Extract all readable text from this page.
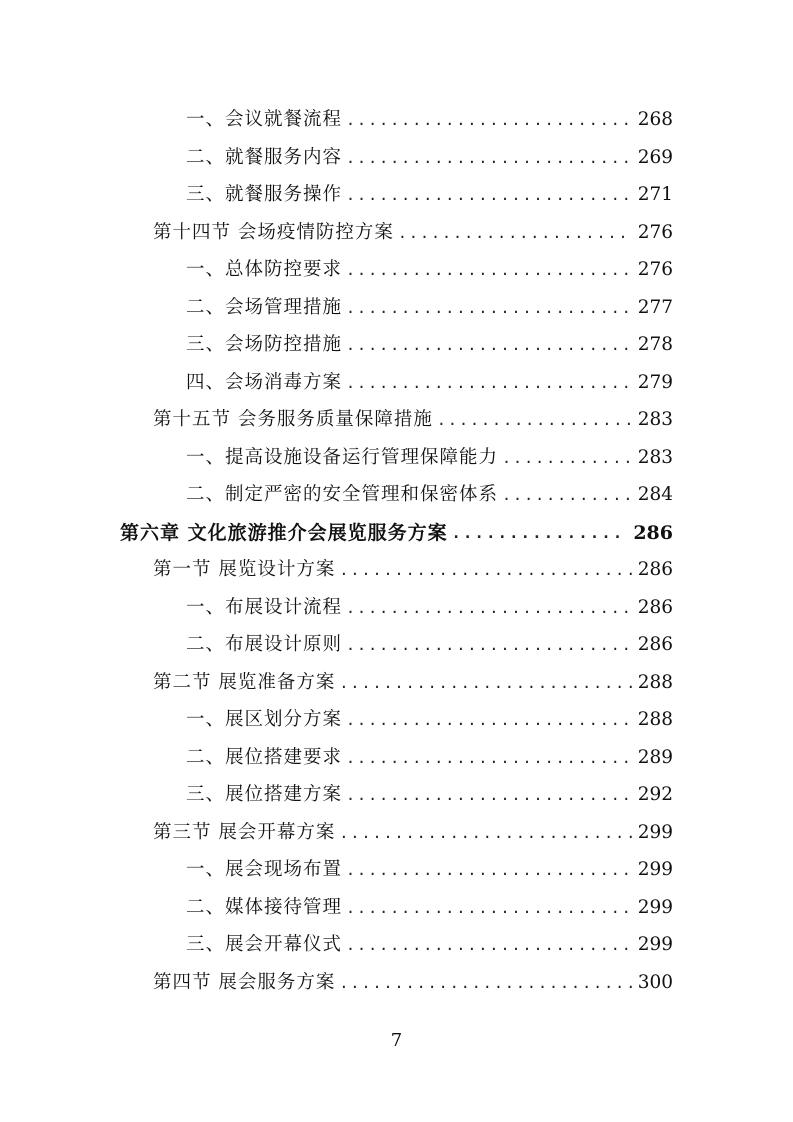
一、会议就餐流程 .....	268
二、就餐服务内容 .....	269
三、就餐服务操作 .....	271
第十四节 会场疫情防控方案 .....	276
一、总体防控要求 .....	276
二、会场管理措施 .....	277
三、会场防控措施 .....	278
四、会场消毒方案 .....	279
第十五节 会务服务质量保障措施 .....	283
一、提高设施设备运行管理保障能力 .....	283
二、制定严密的安全管理和保密体系 .....	284
第六章 文化旅游推介会展览服务方案 .....	286
第一节 展览设计方案 .....	286
一、布展设计流程 .....	286
二、布展设计原则 .....	286
第二节 展览准备方案 .....	288
一、展区划分方案 .....	288
二、展位搭建要求 .....	289
三、展位搭建方案 .....	292
第三节 展会开幕方案 .....	299
一、展会现场布置 .....	299
二、媒体接待管理 .....	299
三、展会开幕仪式 .....	299
第四节 展会服务方案 .....	300
7
